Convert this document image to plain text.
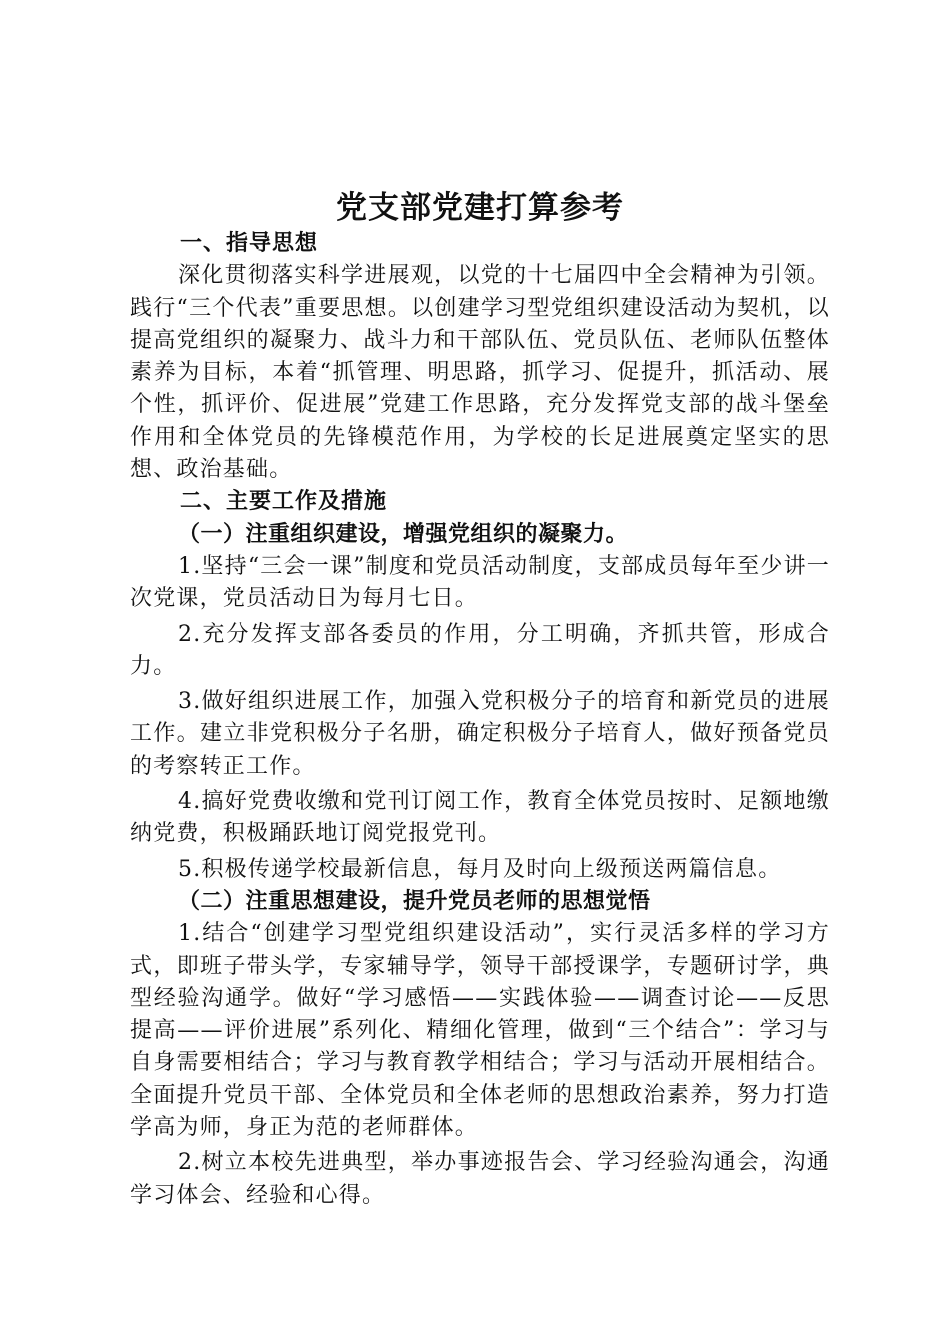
党支部党建打算参考
一、指导思想

深化贯彻落实科学进展观，以党的十七届四中全会精神为引领。践行“三个代表”重要思想。以创建学习型党组织建设活动为契机，以提高党组织的凝聚力、战斗力和干部队伍、党员队伍、老师队伍整体素养为目标，本着“抓管理、明思路，抓学习、促提升，抓活动、展个性，抓评价、促进展”党建工作思路，充分发挥党支部的战斗堡垒作用和全体党员的先锋模范作用，为学校的长足进展奠定坚实的思想、政治基础。

二、主要工作及措施
（一）注重组织建设，增强党组织的凝聚力。

1.坚持“三会一课”制度和党员活动制度，支部成员每年至少讲一次党课，党员活动日为每月七日。

2.充分发挥支部各委员的作用，分工明确，齐抓共管，形成合力。

3.做好组织进展工作，加强入党积极分子的培育和新党员的进展工作。建立非党积极分子名册，确定积极分子培育人，做好预备党员的考察转正工作。

4.搞好党费收缴和党刊订阅工作，教育全体党员按时、足额地缴纳党费，积极踊跃地订阅党报党刊。

5.积极传递学校最新信息，每月及时向上级预送两篇信息。

（二）注重思想建设，提升党员老师的思想觉悟

1.结合“创建学习型党组织建设活动”，实行灵活多样的学习方式，即班子带头学，专家辅导学，领导干部授课学，专题研讨学，典型经验沟通学。做好“学习感悟——实践体验——调查讨论——反思提高——评价进展”系列化、精细化管理，做到“三个结合”：学习与自身需要相结合；学习与教育教学相结合；学习与活动开展相结合。全面提升党员干部、全体党员和全体老师的思想政治素养，努力打造学高为师，身正为范的老师群体。

2.树立本校先进典型，举办事迹报告会、学习经验沟通会，沟通学习体会、经验和心得。
